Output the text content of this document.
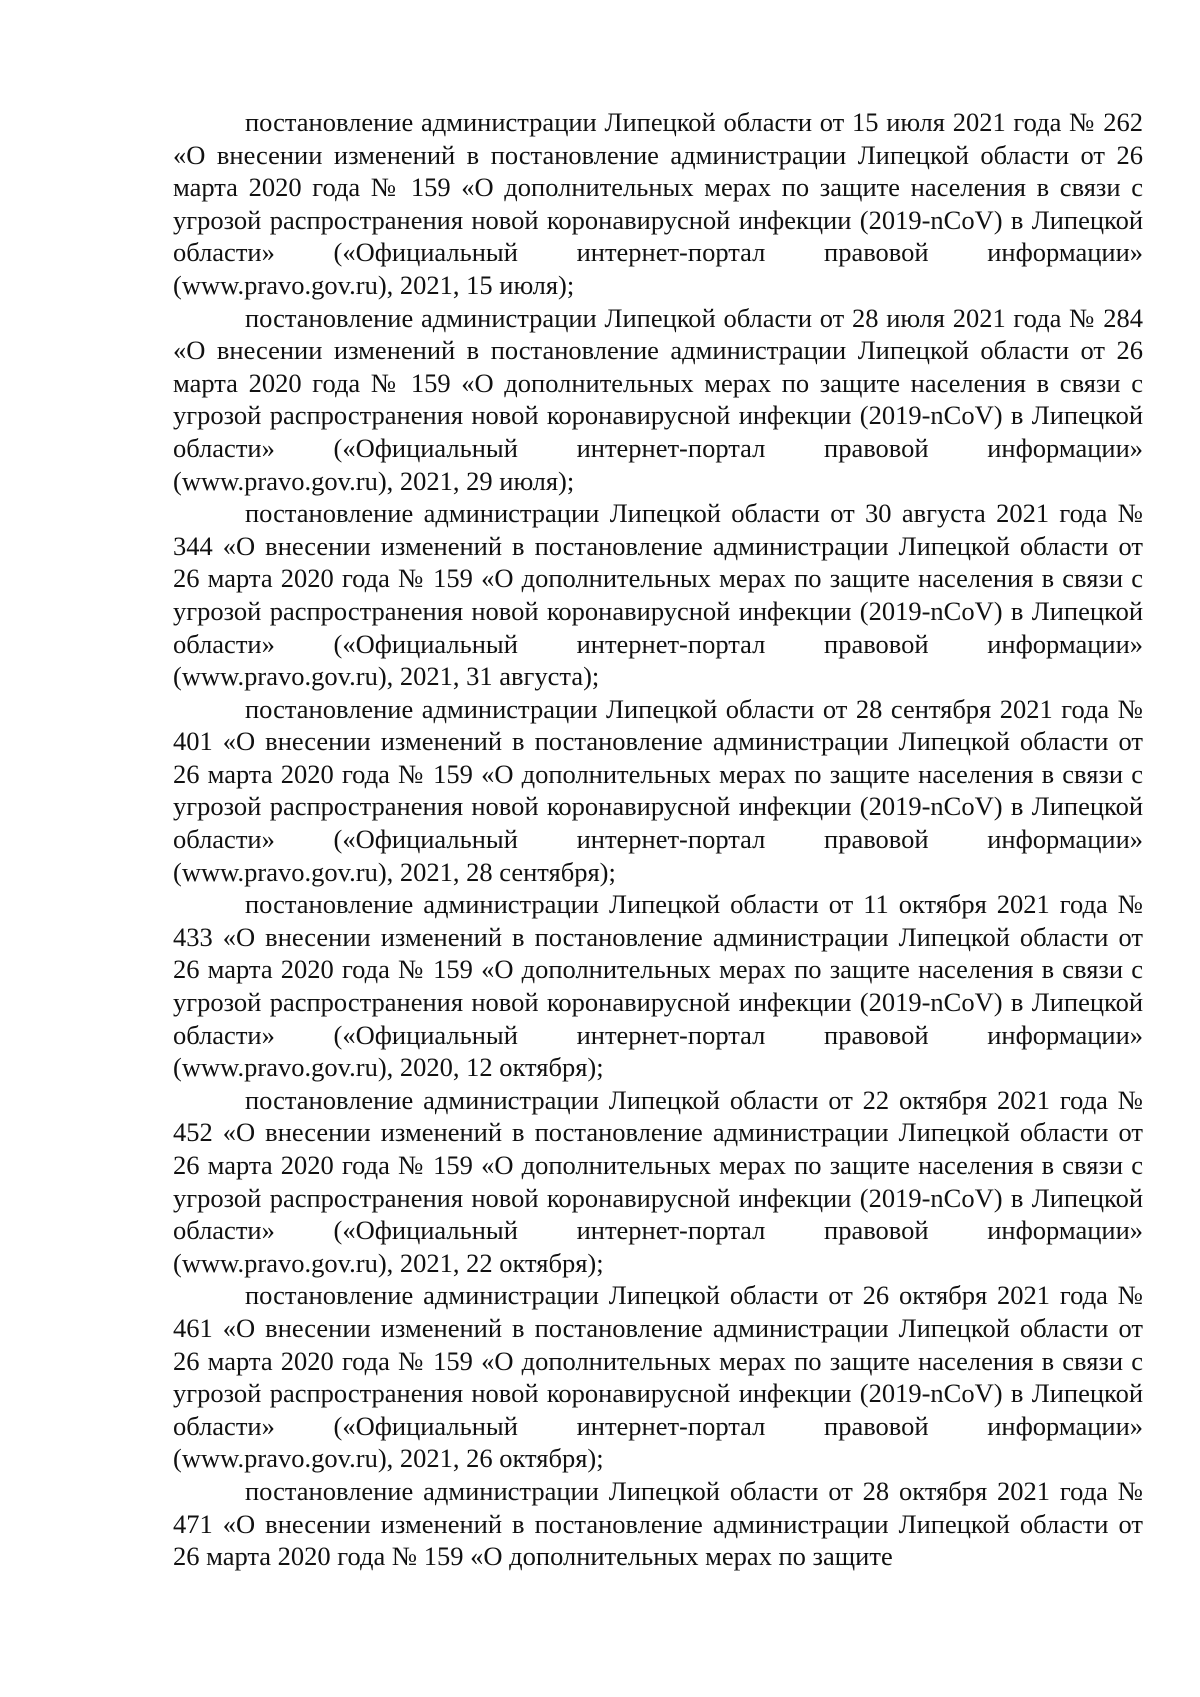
постановление администрации Липецкой области от 15 июля 2021 года № 262 «О внесении изменений в постановление администрации Липецкой области от 26 марта 2020 года № 159 «О дополнительных мерах по защите населения в связи с угрозой распространения новой коронавирусной инфекции (2019-nCoV) в Липецкой области» («Официальный интернет-портал правовой информации» (www.pravo.gov.ru), 2021, 15 июля);

постановление администрации Липецкой области от 28 июля 2021 года № 284 «О внесении изменений в постановление администрации Липецкой области от 26 марта 2020 года № 159 «О дополнительных мерах по защите населения в связи с угрозой распространения новой коронавирусной инфекции (2019-nCoV) в Липецкой области» («Официальный интернет-портал правовой информации» (www.pravo.gov.ru), 2021, 29 июля);

постановление администрации Липецкой области от 30 августа 2021 года № 344 «О внесении изменений в постановление администрации Липецкой области от 26 марта 2020 года № 159 «О дополнительных мерах по защите населения в связи с угрозой распространения новой коронавирусной инфекции (2019-nCoV) в Липецкой области» («Официальный интернет-портал правовой информации» (www.pravo.gov.ru), 2021, 31 августа);

постановление администрации Липецкой области от 28 сентября 2021 года № 401 «О внесении изменений в постановление администрации Липецкой области от 26 марта 2020 года № 159 «О дополнительных мерах по защите населения в связи с угрозой распространения новой коронавирусной инфекции (2019-nCoV) в Липецкой области» («Официальный интернет-портал правовой информации» (www.pravo.gov.ru), 2021, 28 сентября);

постановление администрации Липецкой области от 11 октября 2021 года № 433 «О внесении изменений в постановление администрации Липецкой области от 26 марта 2020 года № 159 «О дополнительных мерах по защите населения в связи с угрозой распространения новой коронавирусной инфекции (2019-nCoV) в Липецкой области» («Официальный интернет-портал правовой информации» (www.pravo.gov.ru), 2020, 12 октября);

постановление администрации Липецкой области от 22 октября 2021 года № 452 «О внесении изменений в постановление администрации Липецкой области от 26 марта 2020 года № 159 «О дополнительных мерах по защите населения в связи с угрозой распространения новой коронавирусной инфекции (2019-nCoV) в Липецкой области» («Официальный интернет-портал правовой информации» (www.pravo.gov.ru), 2021, 22 октября);

постановление администрации Липецкой области от 26 октября 2021 года № 461 «О внесении изменений в постановление администрации Липецкой области от 26 марта 2020 года № 159 «О дополнительных мерах по защите населения в связи с угрозой распространения новой коронавирусной инфекции (2019-nCoV) в Липецкой области» («Официальный интернет-портал правовой информации» (www.pravo.gov.ru), 2021, 26 октября);

постановление администрации Липецкой области от 28 октября 2021 года № 471 «О внесении изменений в постановление администрации Липецкой области от 26 марта 2020 года № 159 «О дополнительных мерах по защите
